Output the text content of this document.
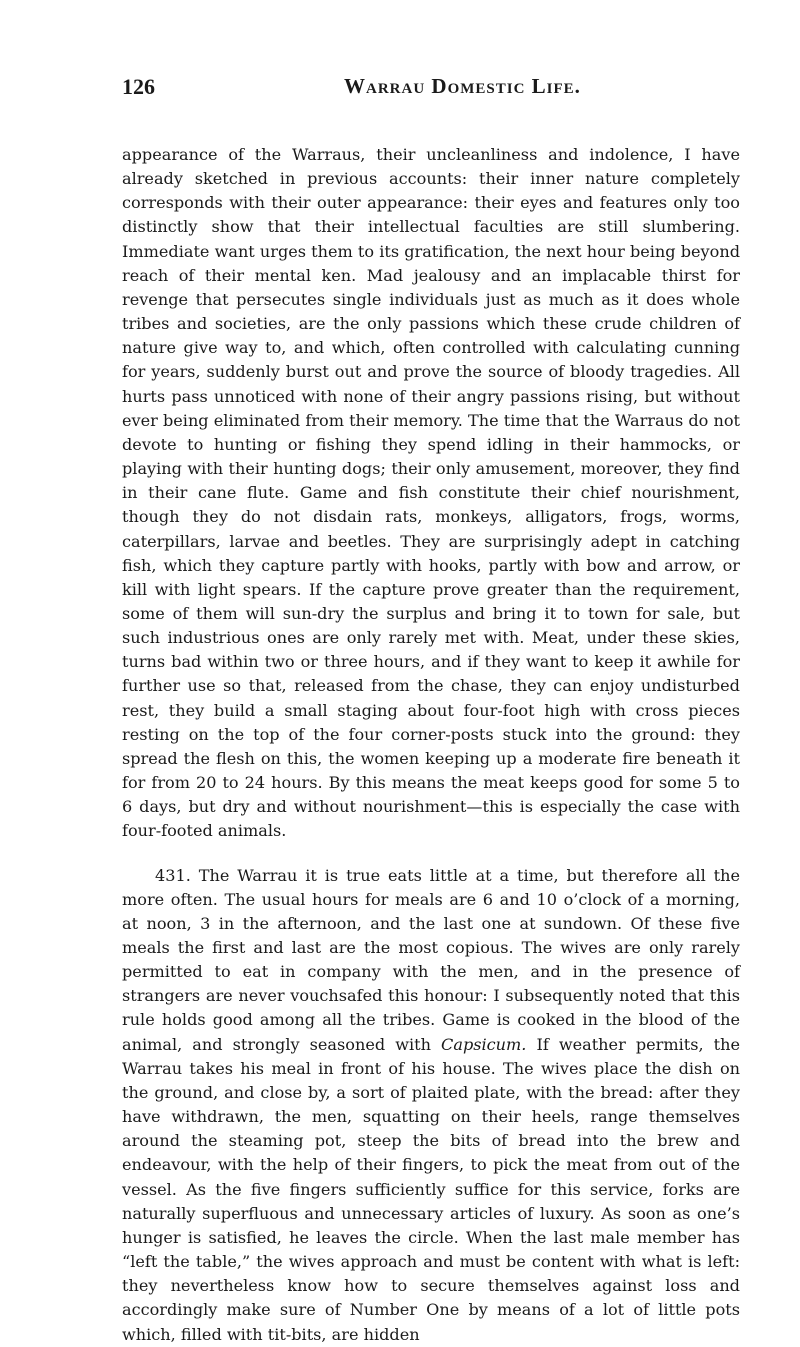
126	Warrau Domestic Life.

appearance of the Warraus, their uncleanliness and indolence, I have already sketched in previous accounts: their inner nature completely corresponds with their outer appearance: their eyes and features only too distinctly show that their intellectual faculties are still slumbering. Immediate want urges them to its gratification, the next hour being beyond reach of their mental ken. Mad jealousy and an implacable thirst for revenge that persecutes single individuals just as much as it does whole tribes and societies, are the only passions which these crude children of nature give way to, and which, often controlled with calculating cunning for years, suddenly burst out and prove the source of bloody tragedies. All hurts pass unnoticed with none of their angry passions rising, but without ever being eliminated from their memory. The time that the Warraus do not devote to hunting or fishing they spend idling in their hammocks, or playing with their hunting dogs; their only amusement, moreover, they find in their cane flute. Game and fish constitute their chief nourishment, though they do not disdain rats, monkeys, alligators, frogs, worms, caterpillars, larvae and beetles. They are surprisingly adept in catching fish, which they capture partly with hooks, partly with bow and arrow, or kill with light spears. If the capture prove greater than the requirement, some of them will sun-dry the surplus and bring it to town for sale, but such industrious ones are only rarely met with. Meat, under these skies, turns bad within two or three hours, and if they want to keep it awhile for further use so that, released from the chase, they can enjoy undisturbed rest, they build a small staging about four-foot high with cross pieces resting on the top of the four corner-posts stuck into the ground: they spread the flesh on this, the women keeping up a moderate fire beneath it for from 20 to 24 hours. By this means the meat keeps good for some 5 to 6 days, but dry and without nourishment—this is especially the case with four-footed animals.

431. The Warrau it is true eats little at a time, but therefore all the more often. The usual hours for meals are 6 and 10 o’clock of a morning, at noon, 3 in the afternoon, and the last one at sundown. Of these five meals the first and last are the most copious. The wives are only rarely permitted to eat in company with the men, and in the presence of strangers are never vouchsafed this honour: I subsequently noted that this rule holds good among all the tribes. Game is cooked in the blood of the animal, and strongly seasoned with Capsicum. If weather permits, the Warrau takes his meal in front of his house. The wives place the dish on the ground, and close by, a sort of plaited plate, with the bread: after they have withdrawn, the men, squatting on their heels, range themselves around the steaming pot, steep the bits of bread into the brew and endeavour, with the help of their fingers, to pick the meat from out of the vessel. As the five fingers sufficiently suffice for this service, forks are naturally superfluous and unnecessary articles of luxury. As soon as one’s hunger is satisfied, he leaves the circle. When the last male member has “left the table,” the wives approach and must be content with what is left: they nevertheless know how to secure themselves against loss and accordingly make sure of Number One by means of a lot of little pots which, filled with tit-bits, are hidden
